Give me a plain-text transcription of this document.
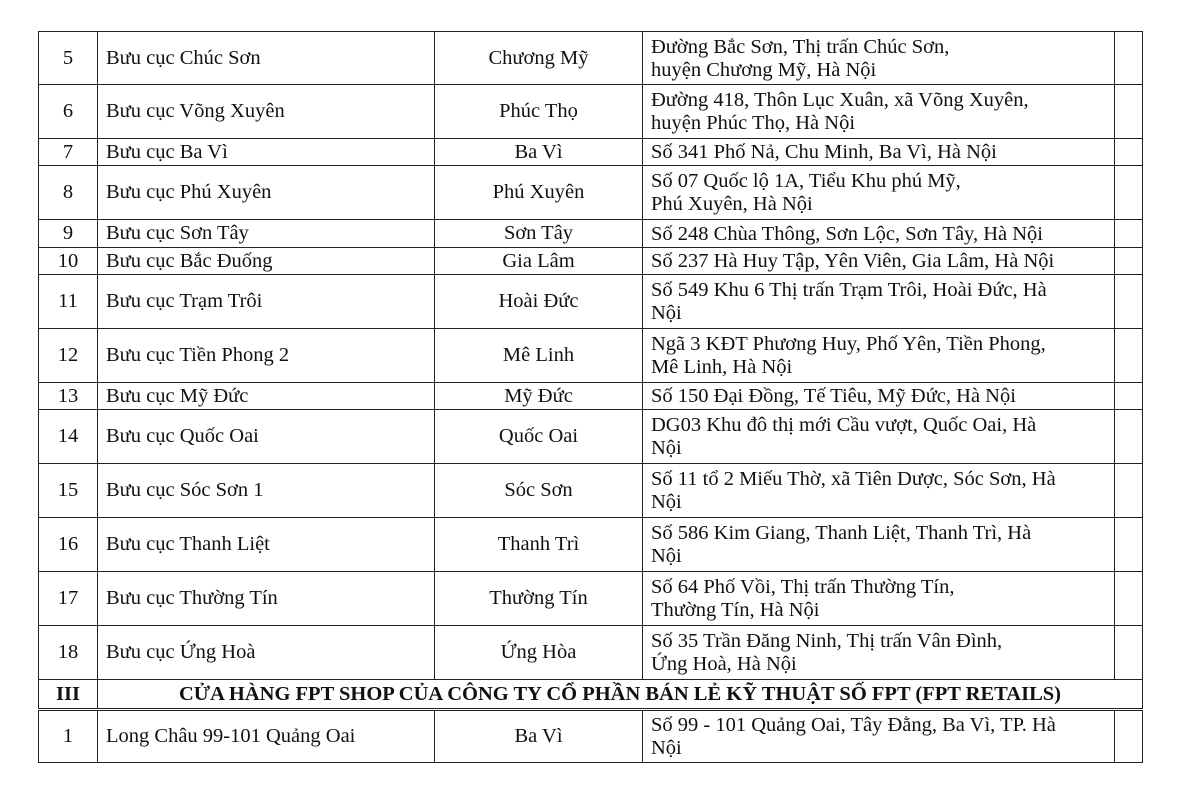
5	Bưu cục Chúc Sơn	Chương Mỹ	Đường Bắc Sơn, Thị trấn Chúc Sơn,
huyện Chương Mỹ, Hà Nội	

6	Bưu cục Võng Xuyên	Phúc Thọ	Đường 418, Thôn Lục Xuân, xã Võng Xuyên,
huyện Phúc Thọ, Hà Nội	

7	Bưu cục Ba Vì	Ba Vì	Số 341 Phố Nả, Chu Minh, Ba Vì, Hà Nội	

8	Bưu cục Phú Xuyên	Phú Xuyên	Số 07 Quốc lộ 1A, Tiểu Khu phú Mỹ,
Phú Xuyên, Hà Nội	

9	Bưu cục Sơn Tây	Sơn Tây	Số 248 Chùa Thông, Sơn Lộc, Sơn Tây, Hà Nội	

10	Bưu cục Bắc Đuống	Gia Lâm	Số 237 Hà Huy Tập, Yên Viên, Gia Lâm, Hà Nội	

11	Bưu cục Trạm Trôi	Hoài Đức	Số 549 Khu 6 Thị trấn Trạm Trôi, Hoài Đức, Hà
Nội	

12	Bưu cục Tiền Phong 2	Mê Linh	Ngã 3 KĐT Phương Huy, Phố Yên, Tiền Phong,
Mê Linh, Hà Nội	

13	Bưu cục Mỹ Đức	Mỹ Đức	Số 150 Đại Đồng, Tế Tiêu, Mỹ Đức, Hà Nội	

14	Bưu cục Quốc Oai	Quốc Oai	DG03 Khu đô thị mới Cầu vượt, Quốc Oai, Hà
Nội	

15	Bưu cục Sóc Sơn 1	Sóc Sơn	Số 11 tổ 2 Miếu Thờ, xã Tiên Dược, Sóc Sơn, Hà
Nội	

16	Bưu cục Thanh Liệt	Thanh Trì	Số 586 Kim Giang, Thanh Liệt, Thanh Trì, Hà
Nội	

17	Bưu cục Thường Tín	Thường Tín	Số 64 Phố Vồi, Thị trấn Thường Tín,
Thường Tín, Hà Nội	

18	Bưu cục Ứng Hoà	Ứng Hòa	Số 35 Trần Đăng Ninh, Thị trấn Vân Đình,
Ứng Hoà, Hà Nội	

III	CỬA HÀNG FPT SHOP CỦA CÔNG TY CỔ PHẦN BÁN LẺ KỸ THUẬT SỐ FPT (FPT RETAILS)			
1	Long Châu 99-101 Quảng Oai	Ba Vì	Số 99 - 101 Quảng Oai, Tây Đằng, Ba Vì, TP. Hà
Nội	
